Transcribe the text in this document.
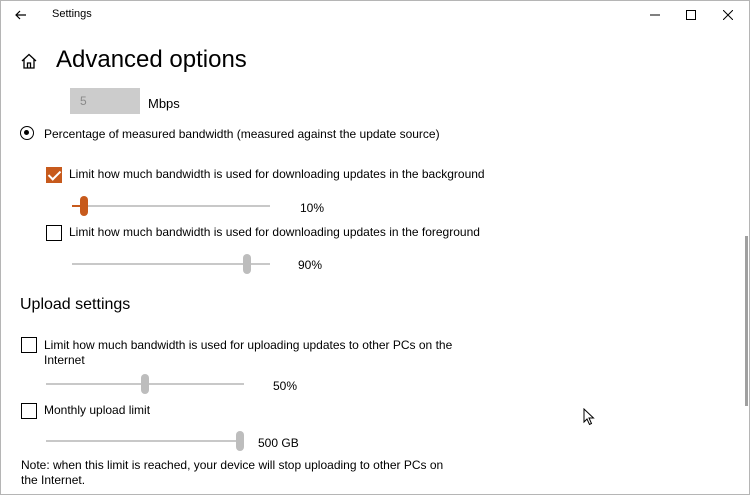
Settings
Advanced options
5
Mbps
Percentage of measured bandwidth (measured against the update source)
Limit how much bandwidth is used for downloading updates in the background
10%
Limit how much bandwidth is used for downloading updates in the foreground
90%
Upload settings
Limit how much bandwidth is used for uploading updates to other PCs on the Internet
50%
Monthly upload limit
500 GB
Note: when this limit is reached, your device will stop uploading to other PCs on the Internet.
